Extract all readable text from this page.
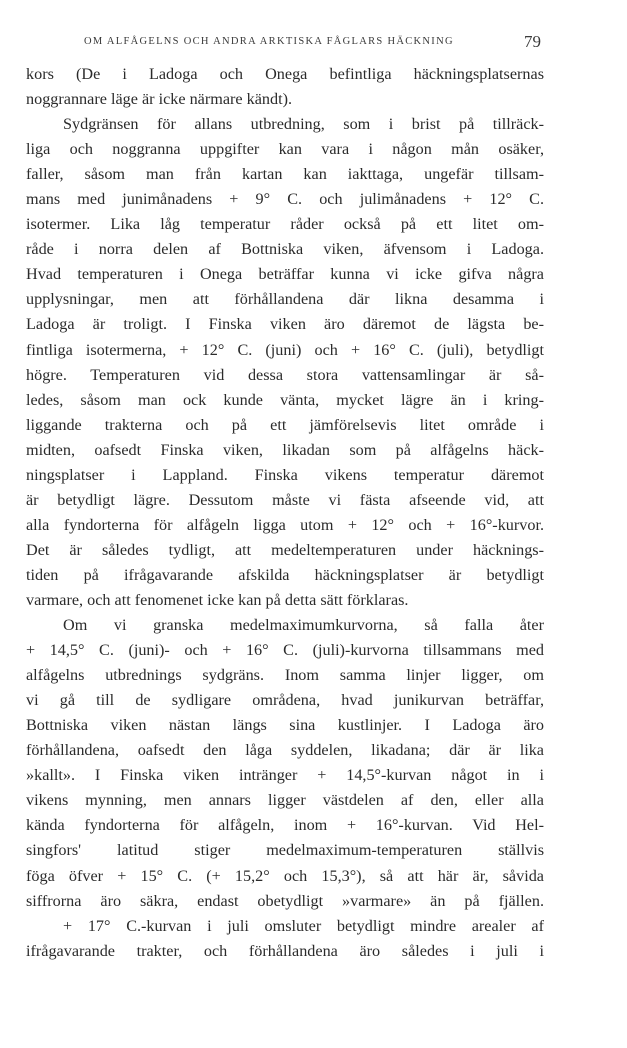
OM ALFÅGELNS OCH ANDRA ARKTISKA FÅGLARS HÄCKNING	79
kors (De i Ladoga och Onega befintliga häckningsplatsernas
noggrannare läge är icke närmare kändt).
Sydgränsen för allans utbredning, som i brist på tillräck-
liga och noggranna uppgifter kan vara i någon mån osäker,
faller, såsom man från kartan kan iakttaga, ungefär tillsam-
mans med junimånadens + 9° C. och julimånadens + 12° C.
isotermer. Lika låg temperatur råder också på ett litet om-
råde i norra delen af Bottniska viken, äfvensom i Ladoga.
Hvad temperaturen i Onega beträffar kunna vi icke gifva några
upplysningar, men att förhållandena där likna desamma i
Ladoga är troligt. I Finska viken äro däremot de lägsta be-
fintliga isotermerna, + 12° C. (juni) och + 16° C. (juli), betydligt
högre. Temperaturen vid dessa stora vattensamlingar är så-
ledes, såsom man ock kunde vänta, mycket lägre än i kring-
liggande trakterna och på ett jämförelsevis litet område i
midten, oafsedt Finska viken, likadan som på alfågelns häck-
ningsplatser i Lappland. Finska vikens temperatur däremot
är betydligt lägre. Dessutom måste vi fästa afseende vid, att
alla fyndorterna för alfågeln ligga utom + 12° och + 16°-kurvor.
Det är således tydligt, att medeltemperaturen under häcknings-
tiden på ifrågavarande afskilda häckningsplatser är betydligt
varmare, och att fenomenet icke kan på detta sätt förklaras.
Om vi granska medelmaximumkurvorna, så falla åter
+ 14,5° C. (juni)- och + 16° C. (juli)-kurvorna tillsammans med
alfågelns utbrednings sydgräns. Inom samma linjer ligger, om
vi gå till de sydligare områdena, hvad junikurvan beträffar,
Bottniska viken nästan längs sina kustlinjer. I Ladoga äro
förhållandena, oafsedt den låga syddelen, likadana; där är lika
»kallt». I Finska viken intränger + 14,5°-kurvan något in i
vikens mynning, men annars ligger västdelen af den, eller alla
kända fyndorterna för alfågeln, inom + 16°-kurvan. Vid Hel-
singfors' latitud stiger medelmaximum-temperaturen ställvis
föga öfver + 15° C. (+ 15,2° och 15,3°), så att här är, såvida
siffrorna äro säkra, endast obetydligt »varmare» än på fjällen.
+ 17° C.-kurvan i juli omsluter betydligt mindre arealer af
ifrågavarande trakter, och förhållandena äro således i juli i
